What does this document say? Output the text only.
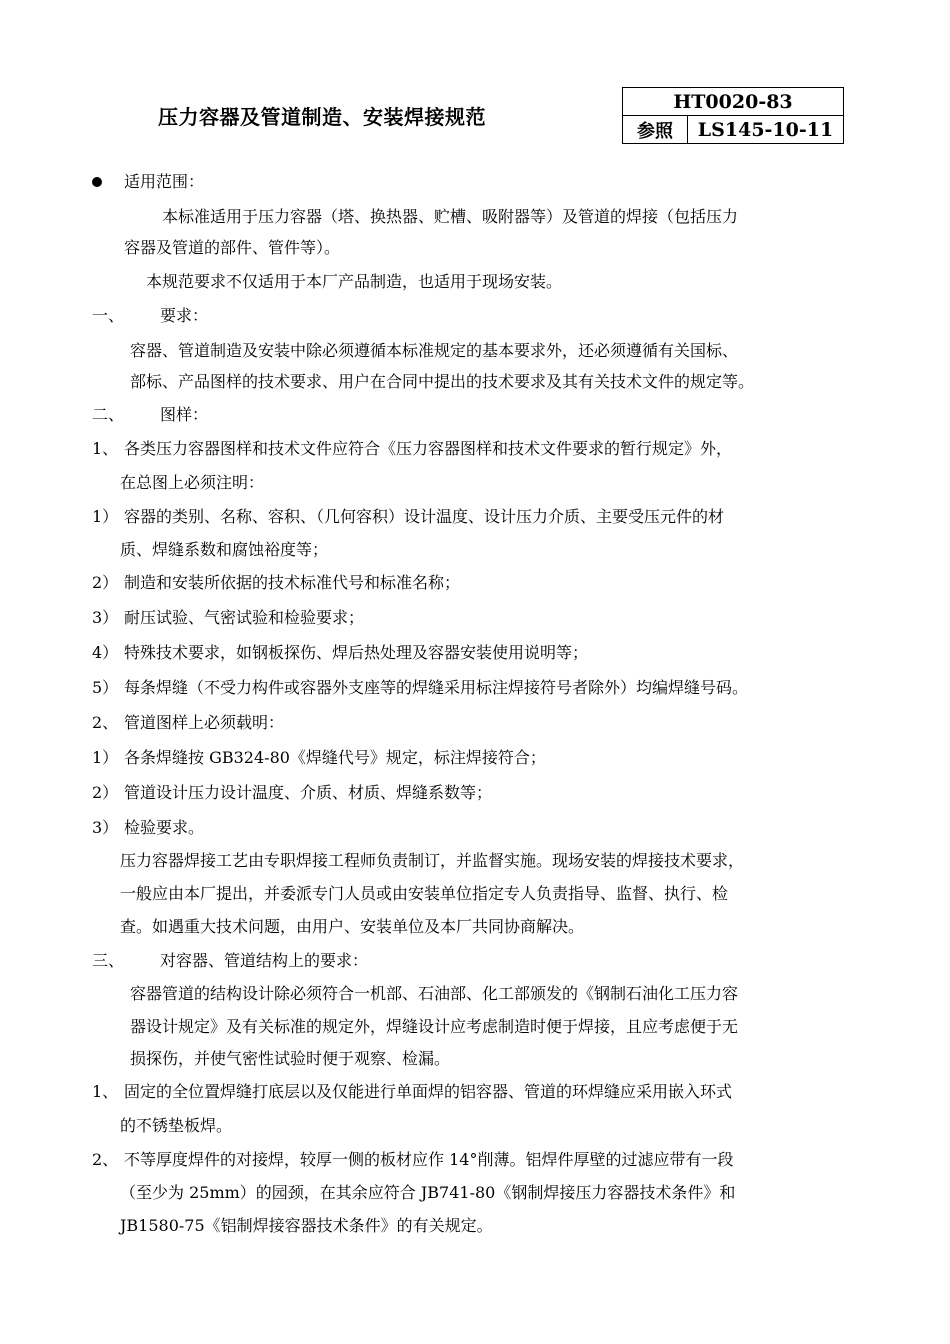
压力容器及管道制造、安装焊接规范
HT0020-83
参照	LS145-10-11
适用范围：
本标准适用于压力容器（塔、换热器、贮槽、吸附器等）及管道的焊接（包括压力
容器及管道的部件、管件等）。
本规范要求不仅适用于本厂产品制造，也适用于现场安装。
一、 要求：
容器、管道制造及安装中除必须遵循本标准规定的基本要求外，还必须遵循有关国标、
部标、产品图样的技术要求、用户在合同中提出的技术要求及其有关技术文件的规定等。
二、 图样：
1、 各类压力容器图样和技术文件应符合《压力容器图样和技术文件要求的暂行规定》外，
在总图上必须注明：
1） 容器的类别、名称、容积、（几何容积）设计温度、设计压力介质、主要受压元件的材
质、焊缝系数和腐蚀裕度等；
2） 制造和安装所依据的技术标准代号和标准名称；
3） 耐压试验、气密试验和检验要求；
4） 特殊技术要求，如钢板探伤、焊后热处理及容器安装使用说明等；
5） 每条焊缝（不受力构件或容器外支座等的焊缝采用标注焊接符号者除外）均编焊缝号码。
2、 管道图样上必须载明：
1） 各条焊缝按 GB324-80《焊缝代号》规定，标注焊接符合；
2） 管道设计压力设计温度、介质、材质、焊缝系数等；
3） 检验要求。
压力容器焊接工艺由专职焊接工程师负责制订，并监督实施。现场安装的焊接技术要求，
一般应由本厂提出，并委派专门人员或由安装单位指定专人负责指导、监督、执行、检
查。如遇重大技术问题，由用户、安装单位及本厂共同协商解决。
三、 对容器、管道结构上的要求：
容器管道的结构设计除必须符合一机部、石油部、化工部颁发的《钢制石油化工压力容
器设计规定》及有关标准的规定外，焊缝设计应考虑制造时便于焊接，且应考虑便于无
损探伤，并使气密性试验时便于观察、检漏。
1、 固定的全位置焊缝打底层以及仅能进行单面焊的铝容器、管道的环焊缝应采用嵌入环式
的不锈垫板焊。
2、 不等厚度焊件的对接焊，较厚一侧的板材应作 14°削薄。铝焊件厚壁的过滤应带有一段
（至少为 25mm）的园颈，在其余应符合 JB741-80《钢制焊接压力容器技术条件》和
JB1580-75《铝制焊接容器技术条件》的有关规定。
